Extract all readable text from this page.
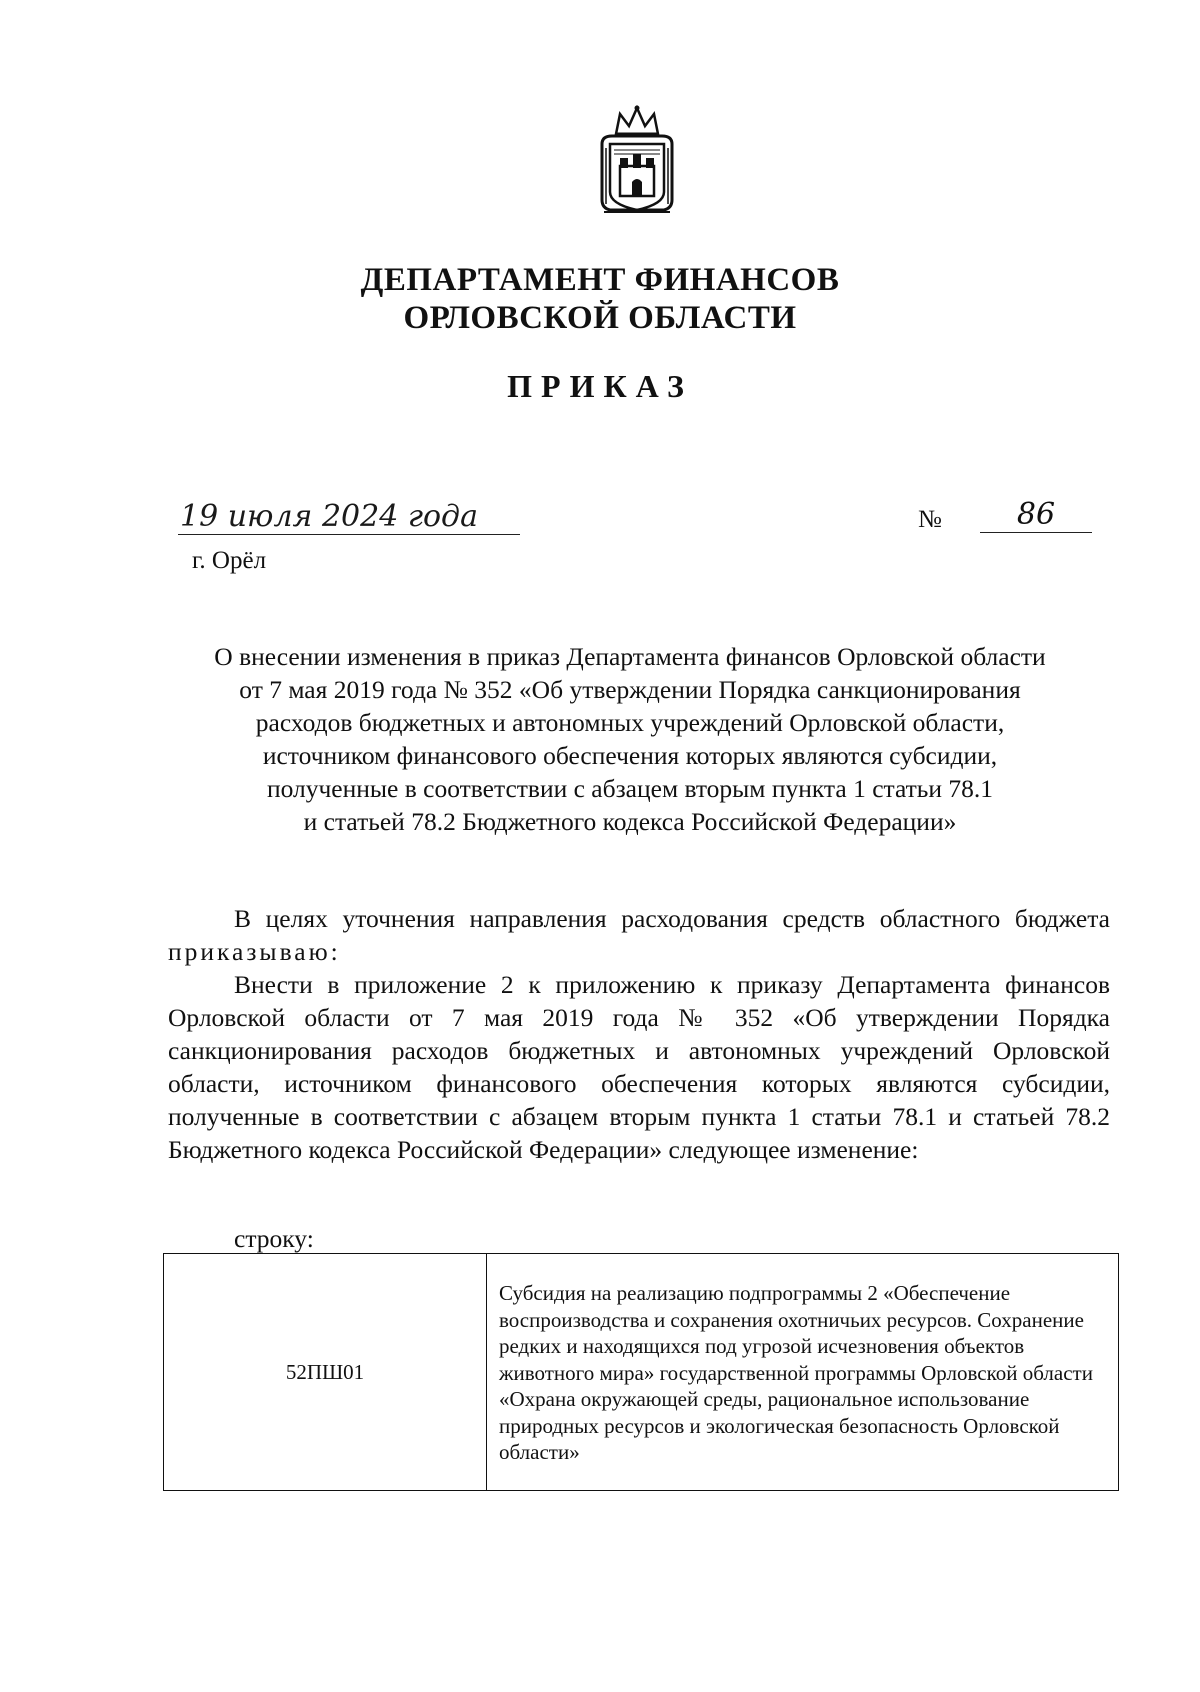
ДЕПАРТАМЕНТ ФИНАНСОВ
ОРЛОВСКОЙ ОБЛАСТИ
ПРИКАЗ
19 июля 2024 года	№	86
г. Орёл
О внесении изменения в приказ Департамента финансов Орловской области
от 7 мая 2019 года № 352 «Об утверждении Порядка санкционирования
расходов бюджетных и автономных учреждений Орловской области,
источником финансового обеспечения которых являются субсидии,
полученные в соответствии с абзацем вторым пункта 1 статьи 78.1
и статьей 78.2 Бюджетного кодекса Российской Федерации»
В целях уточнения направления расходования средств областного бюджета приказываю:
Внести в приложение 2 к приложению к приказу Департамента финансов Орловской области от 7 мая 2019 года № 352 «Об утверждении Порядка санкционирования расходов бюджетных и автономных учреждений Орловской области, источником финансового обеспечения которых являются субсидии, полученные в соответствии с абзацем вторым пункта 1 статьи 78.1 и статьей 78.2 Бюджетного кодекса Российской Федерации» следующее изменение:
строку:
52ПШ01	Субсидия на реализацию подпрограммы 2 «Обеспечение воспроизводства и сохранения охотничьих ресурсов. Сохранение редких и находящихся под угрозой исчезновения объектов животного мира» государственной программы Орловской области «Охрана окружающей среды, рациональное использование природных ресурсов и экологическая безопасность Орловской области»
